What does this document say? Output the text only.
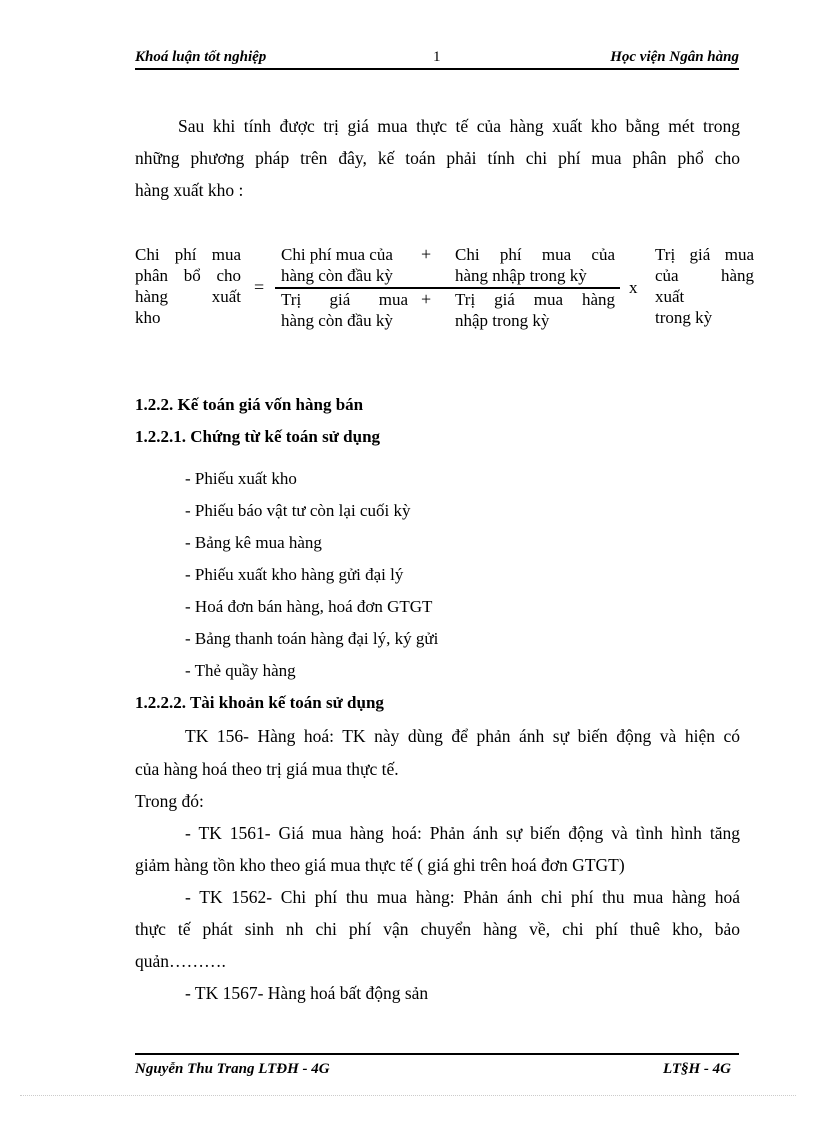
Khoá luận tốt nghiệp	1	Học viện Ngân hàng
Sau khi tính được trị giá mua thực tế của hàng xuất kho bằng mét trong
những phương pháp trên đây, kế toán phải tính chi phí mua phân phổ cho
hàng xuất kho :
Chi phí mua
phân bổ cho
hàng xuất
kho
=
Chi phí mua của
hàng còn đầu kỳ
+ Chi phí mua của
hàng nhập trong kỳ
Trị giá mua
hàng còn đầu kỳ
+ Trị giá mua hàng
nhập trong kỳ
x
Trị giá mua
của hàng
xuất
trong kỳ
1.2.2. Kế toán giá vốn hàng bán
1.2.2.1. Chứng từ kế toán sử dụng
- Phiếu xuất kho
- Phiếu báo vật tư còn lại cuối kỳ
- Bảng kê mua hàng
- Phiếu xuất kho hàng gửi đại lý
- Hoá đơn bán hàng, hoá đơn GTGT
- Bảng thanh toán hàng đại lý, ký gửi
- Thẻ quầy hàng
1.2.2.2. Tài khoản kế toán sử dụng
TK 156- Hàng hoá: TK này dùng để phản ánh sự biến động và hiện có
của hàng hoá theo trị giá mua thực tế.
Trong đó:
- TK 1561- Giá mua hàng hoá: Phản ánh sự biến động và tình hình tăng
giảm hàng tồn kho theo giá mua thực tế ( giá ghi trên hoá đơn GTGT)
- TK 1562- Chi phí thu mua hàng: Phản ánh chi phí thu mua hàng hoá
thực tế phát sinh nh chi phí vận chuyển hàng về, chi phí thuê kho, bảo
quản……….
- TK 1567- Hàng hoá bất động sản
Nguyễn Thu Trang LTĐH - 4G	LT§H - 4G
